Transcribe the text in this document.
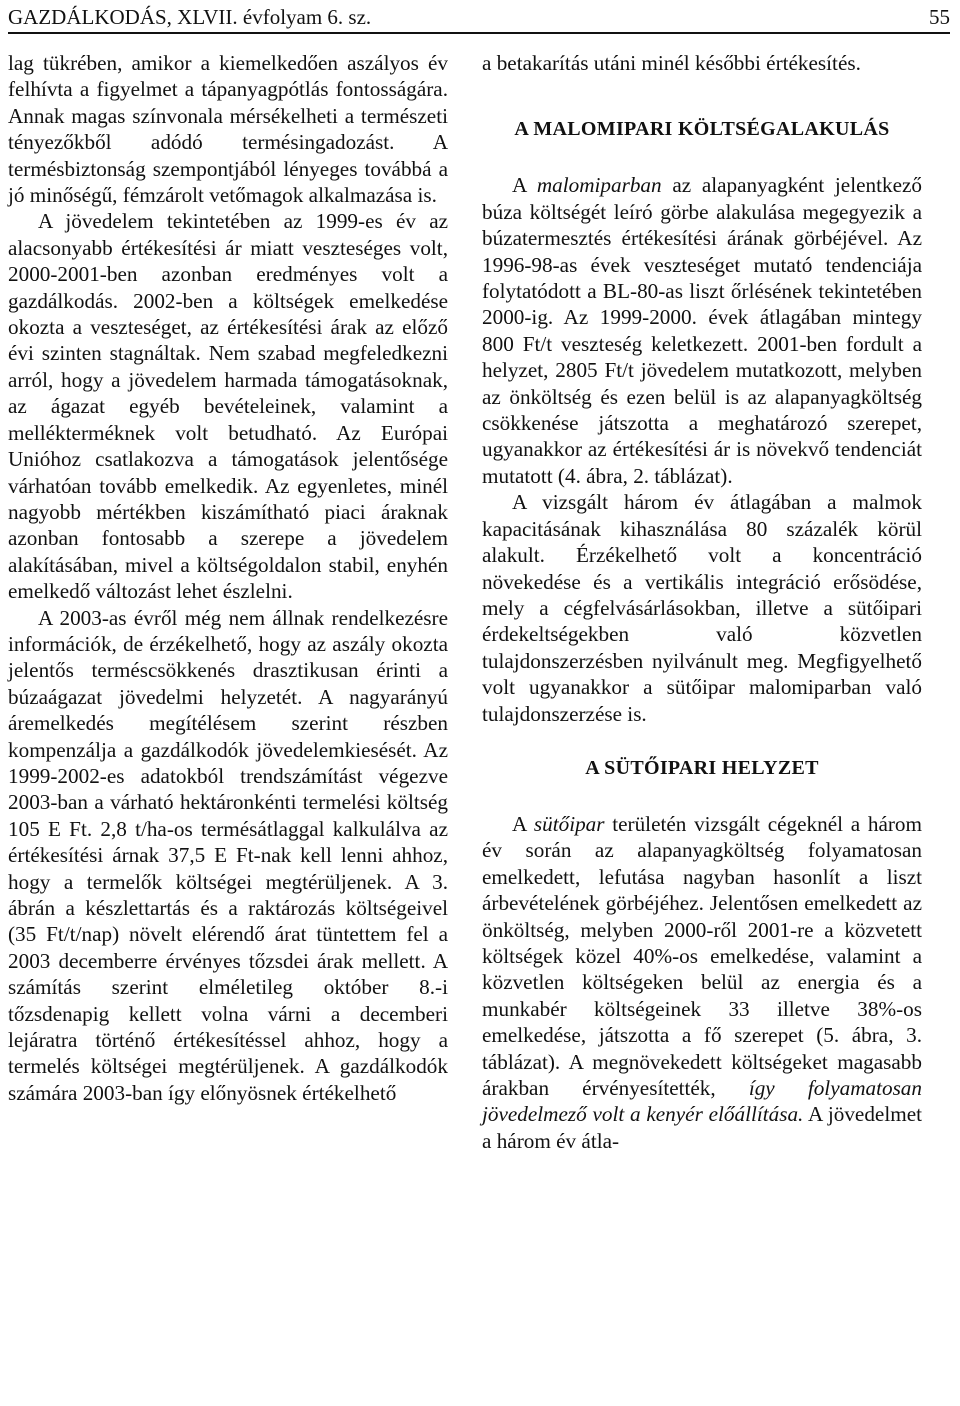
GAZDÁLKODÁS, XLVII. évfolyam 6. sz.	55

lag tükrében, amikor a kiemelkedően aszályos év felhívta a figyelmet a tápanyagpótlás fontosságára. Annak magas színvonala mérsékelheti a természeti tényezőkből adódó termésingadozást. A termésbiztonság szempontjából lényeges továbbá a jó minőségű, fémzárolt vetőmagok alkalmazása is.

A jövedelem tekintetében az 1999-es év az alacsonyabb értékesítési ár miatt veszteséges volt, 2000-2001-ben azonban eredményes volt a gazdálkodás. 2002-ben a költségek emelkedése okozta a veszteséget, az értékesítési árak az előző évi szinten stagnáltak. Nem szabad megfeledkezni arról, hogy a jövedelem harmada támogatásoknak, az ágazat egyéb bevételeinek, valamint a mellékterméknek volt betudható. Az Európai Unióhoz csatlakozva a támogatások jelentősége várhatóan tovább emelkedik. Az egyenletes, minél nagyobb mértékben kiszámítható piaci áraknak azonban fontosabb a szerepe a jövedelem alakításában, mivel a költségoldalon stabil, enyhén emelkedő változást lehet észlelni.

A 2003-as évről még nem állnak rendelkezésre információk, de érzékelhető, hogy az aszály okozta jelentős terméscsökkenés drasztikusan érinti a búzaágazat jövedelmi helyzetét. A nagyarányú áremelkedés megítélésem szerint részben kompenzálja a gazdálkodók jövedelemkiesését. Az 1999-2002-es adatokból trendszámítást végezve 2003-ban a várható hektáronkénti termelési költség 105 E Ft. 2,8 t/ha-os termésátlaggal kalkulálva az értékesítési árnak 37,5 E Ft-nak kell lenni ahhoz, hogy a termelők költségei megtérüljenek. A 3. ábrán a készlettartás és a raktározás költségeivel (35 Ft/t/nap) növelt elérendő árat tüntettem fel a 2003 decemberre érvényes tőzsdei árak mellett. A számítás szerint elméletileg október 8.-i tőzsdenapig kellett volna várni a decemberi lejáratra történő értékesítéssel ahhoz, hogy a termelés költségei megtérüljenek. A gazdálkodók számára 2003-ban így előnyösnek értékelhető

a betakarítás utáni minél későbbi értékesítés.

A MALOMIPARI KÖLTSÉGALAKULÁS

A malomiparban az alapanyagként jelentkező búza költségét leíró görbe alakulása megegyezik a búzatermesztés értékesítési árának görbéjével. Az 1996-98-as évek veszteséget mutató tendenciája folytatódott a BL-80-as liszt őrlésének tekintetében 2000-ig. Az 1999-2000. évek átlagában mintegy 800 Ft/t veszteség keletkezett. 2001-ben fordult a helyzet, 2805 Ft/t jövedelem mutatkozott, melyben az önköltség és ezen belül is az alapanyagköltség csökkenése játszotta a meghatározó szerepet, ugyanakkor az értékesítési ár is növekvő tendenciát mutatott (4. ábra, 2. táblázat).

A vizsgált három év átlagában a malmok kapacitásának kihasználása 80 százalék körül alakult. Érzékelhető volt a koncentráció növekedése és a vertikális integráció erősödése, mely a cégfelvásárlásokban, illetve a sütőipari érdekeltségekben való közvetlen tulajdonszerzésben nyilvánult meg. Megfigyelhető volt ugyanakkor a sütőipar malomiparban való tulajdonszerzése is.

A SÜTŐIPARI HELYZET

A sütőipar területén vizsgált cégeknél a három év során az alapanyagköltség folyamatosan emelkedett, lefutása nagyban hasonlít a liszt árbevételének görbéjéhez. Jelentősen emelkedett az önköltség, melyben 2000-ről 2001-re a közvetett költségek közel 40%-os emelkedése, valamint a közvetlen költségeken belül az energia és a munkabér költségeinek 33 illetve 38%-os emelkedése, játszotta a fő szerepet (5. ábra, 3. táblázat). A megnövekedett költségeket magasabb árakban érvényesítették, így folyamatosan jövedelmező volt a kenyér előállítása. A jövedelmet a három év átla-
